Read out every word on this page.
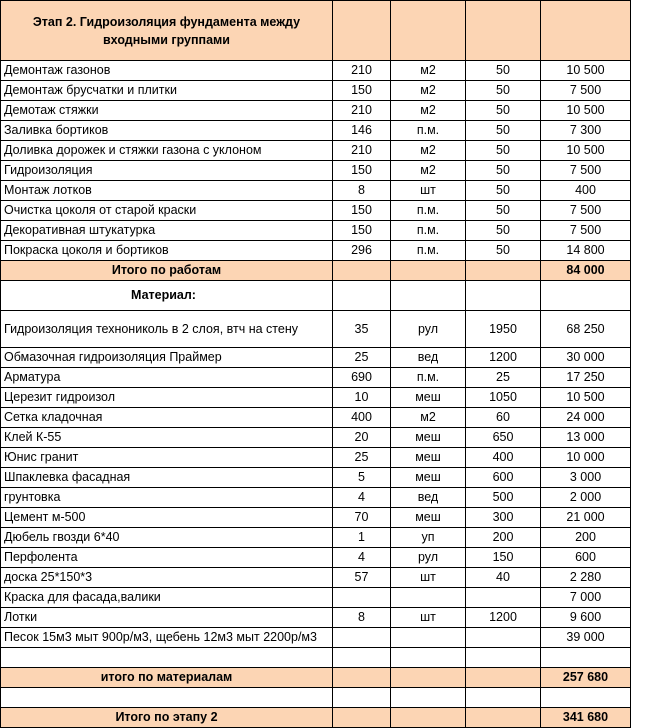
Этап 2. Гидроизоляция фундамента между
входными группами				
Демонтаж газонов	210	м2	50	10 500
Демонтаж брусчатки и плитки	150	м2	50	7 500
Демотаж стяжки	210	м2	50	10 500
Заливка бортиков	146	п.м.	50	7 300
Доливка дорожек и стяжки газона с уклоном	210	м2	50	10 500
Гидроизоляция	150	м2	50	7 500
Монтаж лотков	8	шт	50	400
Очистка цоколя от старой краски	150	п.м.	50	7 500
Декоративная штукатурка	150	п.м.	50	7 500
Покраска цоколя и бортиков	296	п.м.	50	14 800
Итого по работам				84 000
Материал:				
Гидроизоляция технониколь в 2 слоя, втч на стену	35	рул	1950	68 250
Обмазочная гидроизоляция Праймер	25	вед	1200	30 000
Арматура	690	п.м.	25	17 250
Церезит гидроизол	10	меш	1050	10 500
Сетка кладочная	400	м2	60	24 000
Клей К-55	20	меш	650	13 000
Юнис гранит	25	меш	400	10 000
Шпаклевка фасадная	5	меш	600	3 000
грунтовка	4	вед	500	2 000
Цемент м-500	70	меш	300	21 000
Дюбель гвозди 6*40	1	уп	200	200
Перфолента	4	рул	150	600
доска 25*150*3	57	шт	40	2 280
Краска для фасада,валики				7 000
Лотки	8	шт	1200	9 600
Песок 15м3 мыт 900р/м3, щебень 12м3 мыт 2200р/м3				39 000

итого по материалам				257 680

Итого по этапу 2				341 680
